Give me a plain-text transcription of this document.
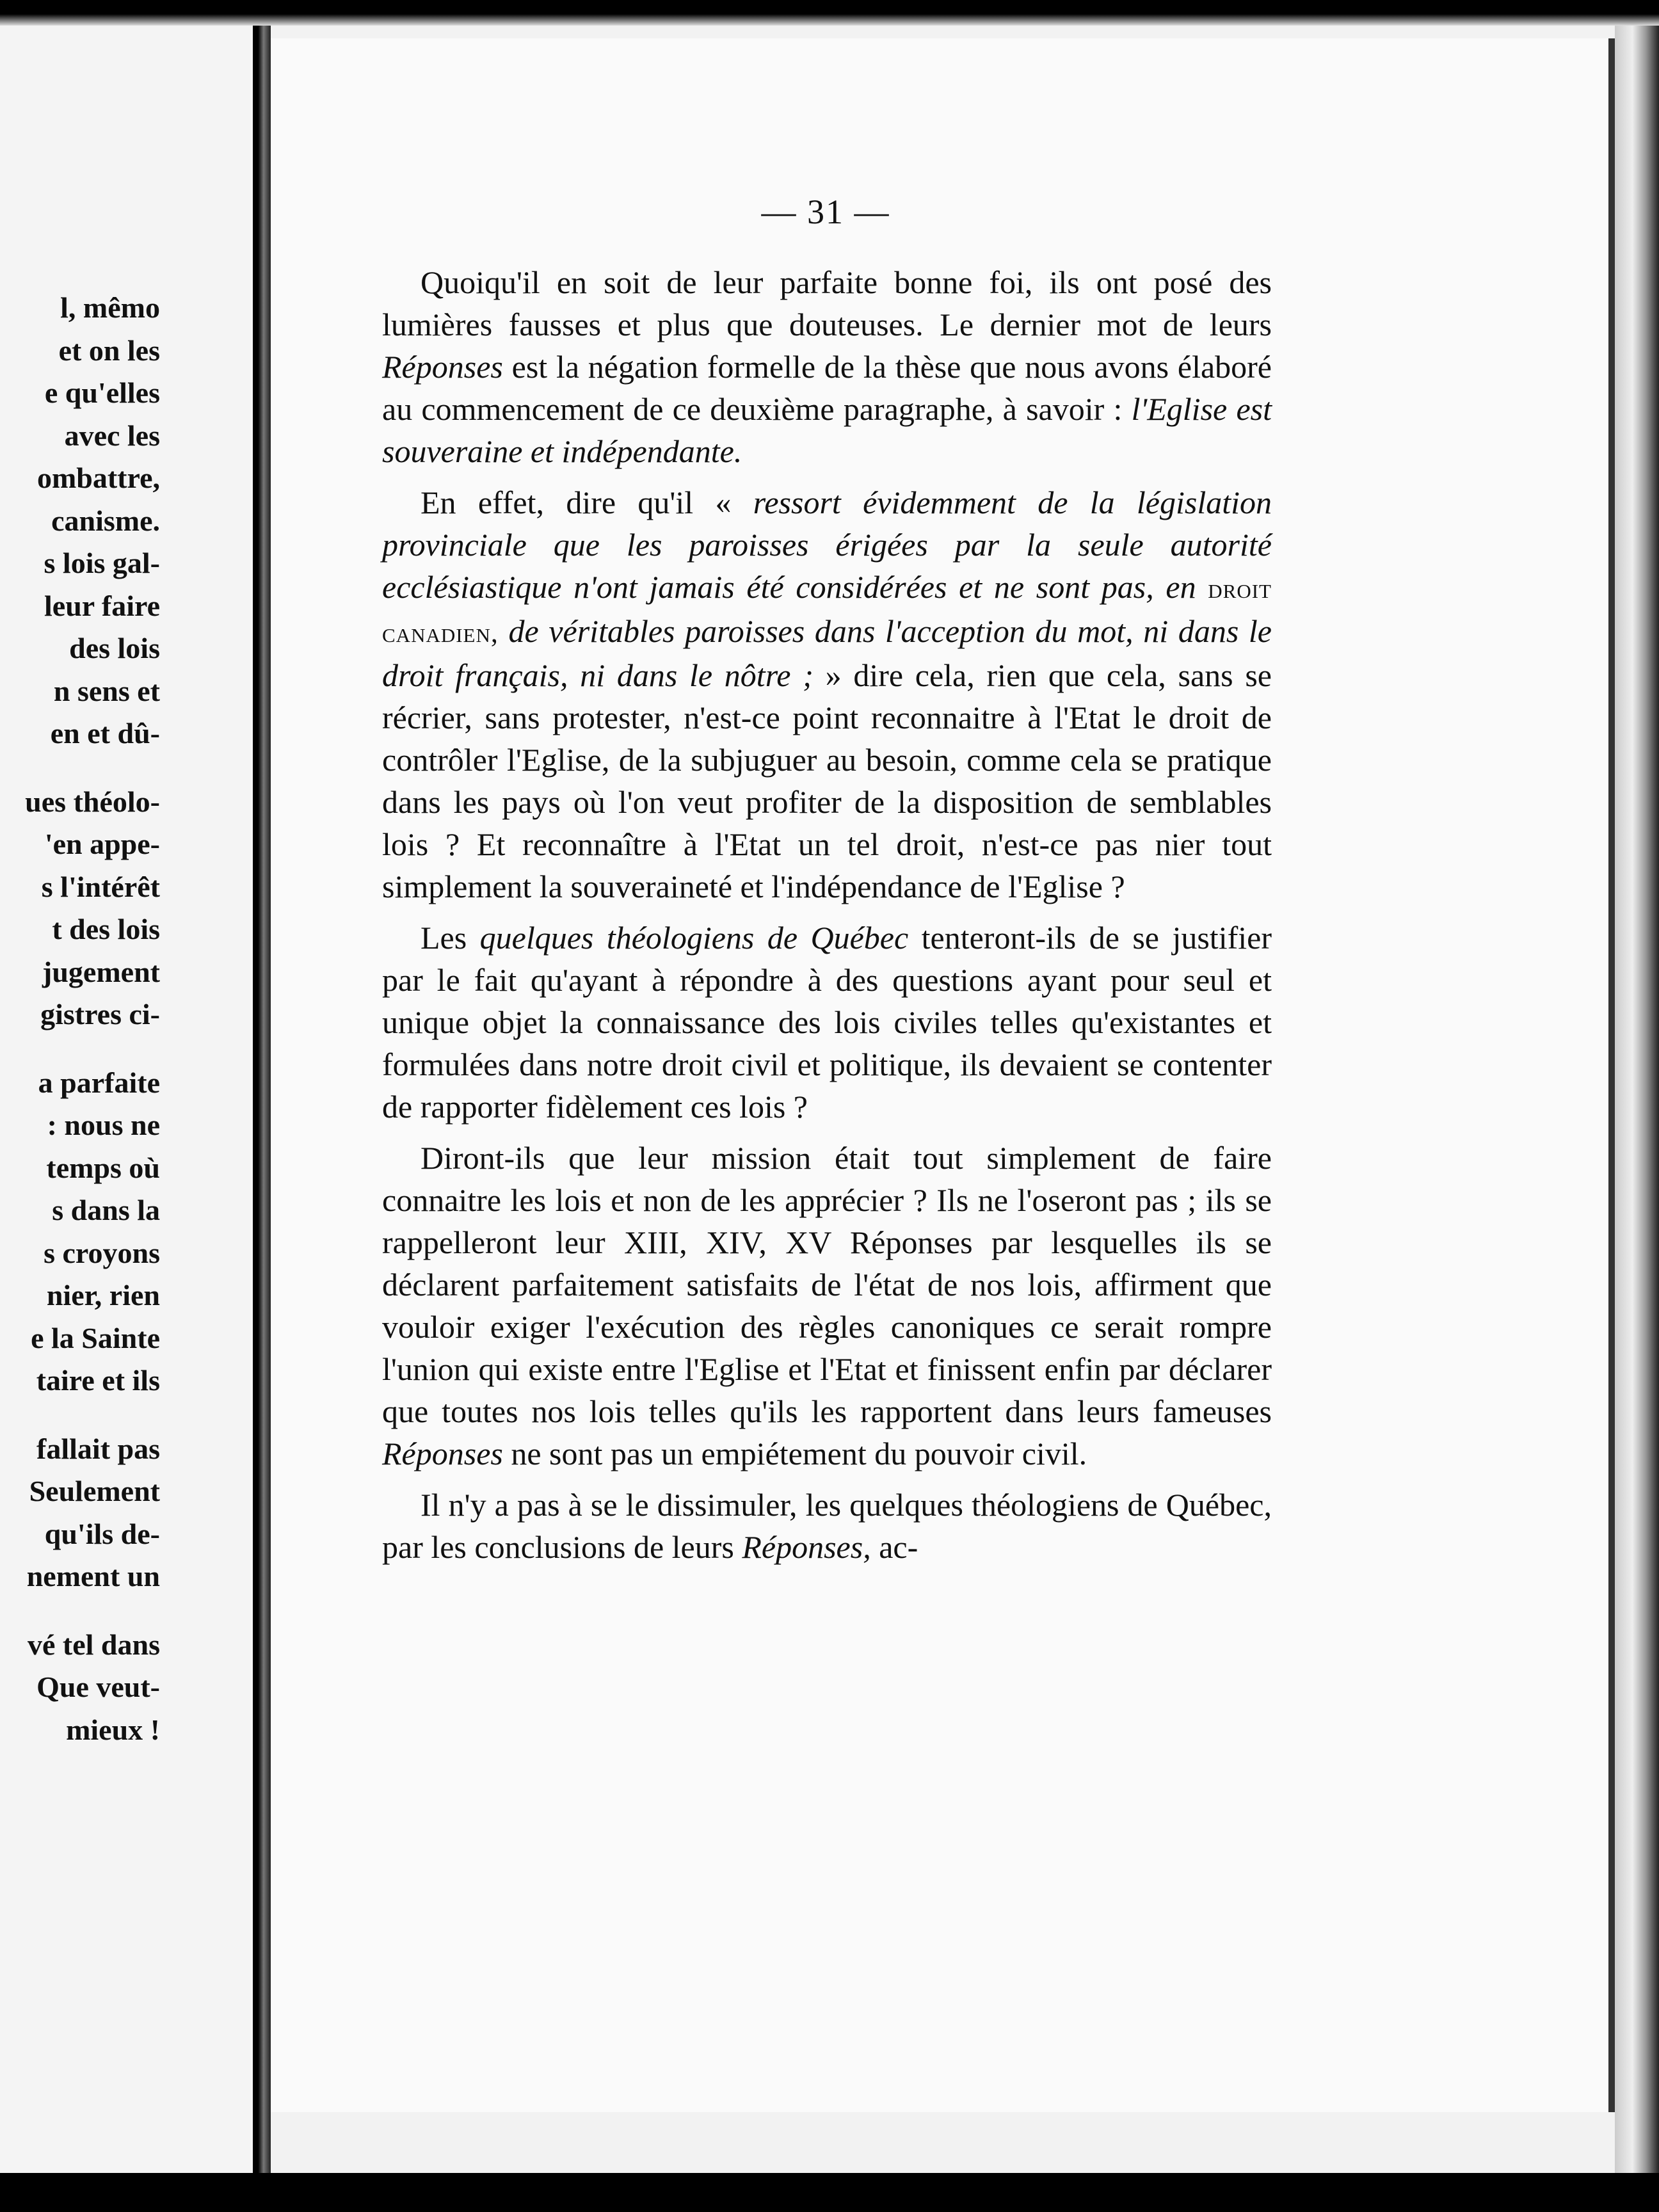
l, mêmo
et on les
e qu'elles
avec les
ombattre,
canisme.
s lois gal-
leur faire
des lois
n sens et
en et dû-
ues théolo-
'en appe-
s l'intérêt
t des lois
jugement
gistres ci-
a parfaite
: nous ne
temps où
s dans la
s croyons
nier, rien
e la Sainte
taire et ils
fallait pas
Seulement
qu'ils de-
nement un
vé tel dans
Que veut-
mieux !
— 31 —

Quoiqu'il en soit de leur parfaite bonne foi, ils ont posé des lumières fausses et plus que douteuses. Le dernier mot de leurs Réponses est la négation formelle de la thèse que nous avons élaboré au commencement de ce deuxième paragraphe, à savoir : l'Eglise est souveraine et indépendante.

En effet, dire qu'il « ressort évidemment de la législation provinciale que les paroisses érigées par la seule autorité ecclésiastique n'ont jamais été considérées et ne sont pas, en droit canadien, de véritables paroisses dans l'acception du mot, ni dans le droit français, ni dans le nôtre ; » dire cela, rien que cela, sans se récrier, sans protester, n'est-ce point reconnaitre à l'Etat le droit de contrôler l'Eglise, de la subjuguer au besoin, comme cela se pratique dans les pays où l'on veut profiter de la disposition de semblables lois ? Et reconnaître à l'Etat un tel droit, n'est-ce pas nier tout simplement la souveraineté et l'indépendance de l'Eglise ?

Les quelques théologiens de Québec tenteront-ils de se justifier par le fait qu'ayant à répondre à des questions ayant pour seul et unique objet la connaissance des lois civiles telles qu'existantes et formulées dans notre droit civil et politique, ils devaient se contenter de rapporter fidèlement ces lois ?

Diront-ils que leur mission était tout simplement de faire connaitre les lois et non de les apprécier ? Ils ne l'oseront pas ; ils se rappelleront leur XIII, XIV, XV Réponses par lesquelles ils se déclarent parfaitement satisfaits de l'état de nos lois, affirment que vouloir exiger l'exécution des règles canoniques ce serait rompre l'union qui existe entre l'Eglise et l'Etat et finissent enfin par déclarer que toutes nos lois telles qu'ils les rapportent dans leurs fameuses Réponses ne sont pas un empiétement du pouvoir civil.

Il n'y a pas à se le dissimuler, les quelques théologiens de Québec, par les conclusions de leurs Réponses, ac-
